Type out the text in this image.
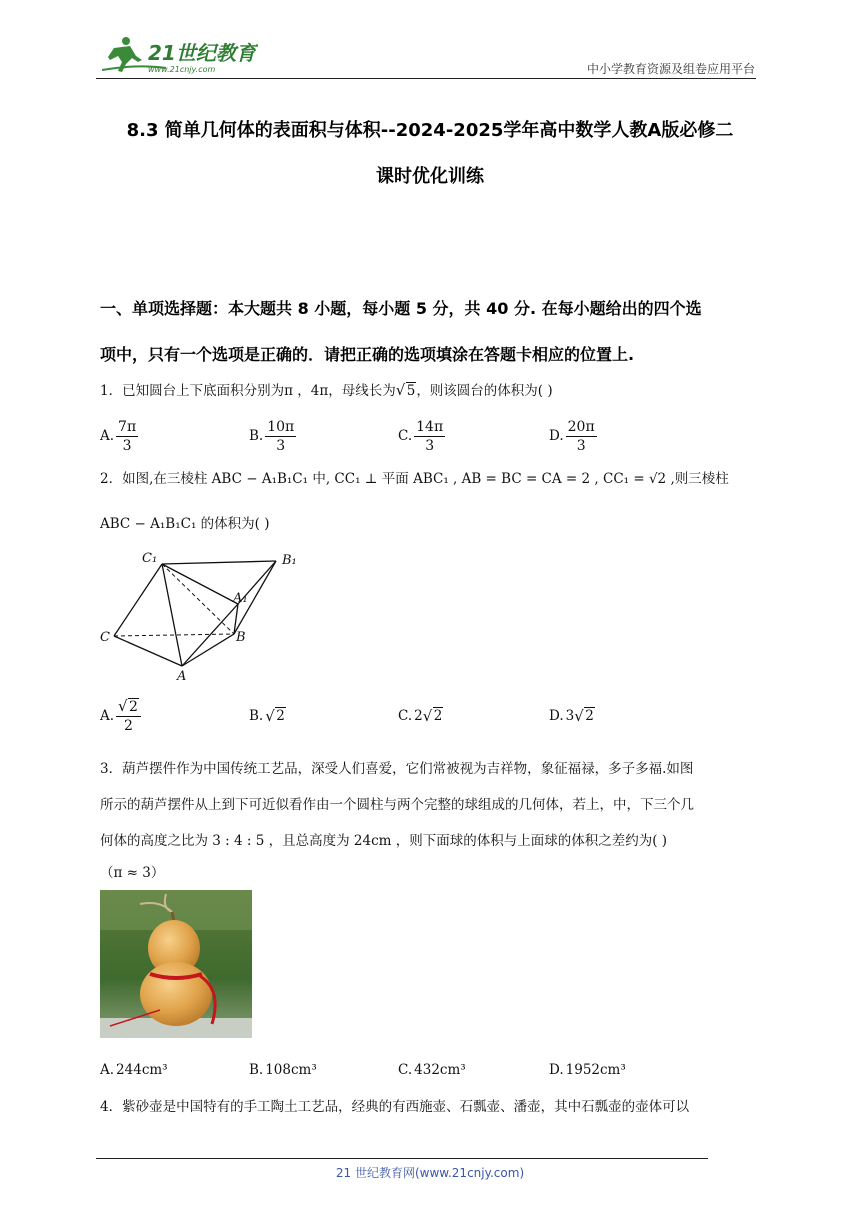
21世纪教育
www.21cnjy.com	中小学教育资源及组卷应用平台
8.3 简单几何体的表面积与体积--2024-2025学年高中数学人教A版必修二
课时优化训练
一、单项选择题：本大题共 8 小题，每小题 5 分，共 40 分. 在每小题给出的四个选
项中，只有一个选项是正确的．请把正确的选项填涂在答题卡相应的位置上.
1．已知圆台上下底面积分别为π ，4π，母线长为 √ 5，则该圆台的体积为( )
A. $\frac{7\pi}{3}$	B. $\frac{10\pi}{3}$	C. $\frac{14\pi}{3}$	D. $\frac{20\pi}{3}$
2．如图,在三棱柱 ABC − A₁B₁C₁ 中, CC₁ ⊥ 平面 ABC₁ , AB = BC = CA = 2 , CC₁ = √2 ,则三棱柱
ABC − A₁B₁C₁ 的体积为( )
C₁	B₁
A₁
C	B
A
A. √ $\frac{2}{2}$	B. √ 2	C. 2 √ 2	D. 3 √ 2
3．葫芦摆件作为中国传统工艺品，深受人们喜爱，它们常被视为吉祥物，象征福禄，多子多福.如图
所示的葫芦摆件从上到下可近似看作由一个圆柱与两个完整的球组成的几何体，若上，中，下三个几
何体的高度之比为 3 : 4 : 5 ，且总高度为 24cm ，则下面球的体积与上面球的体积之差约为( )
（π ≈ 3）
A. 244cm³	B. 108cm³	C. 432cm³	D. 1952cm³
4．紫砂壶是中国特有的手工陶土工艺品，经典的有西施壶、石瓢壶、潘壶，其中石瓢壶的壶体可以
21 世纪教育网(www.21cnjy.com)
